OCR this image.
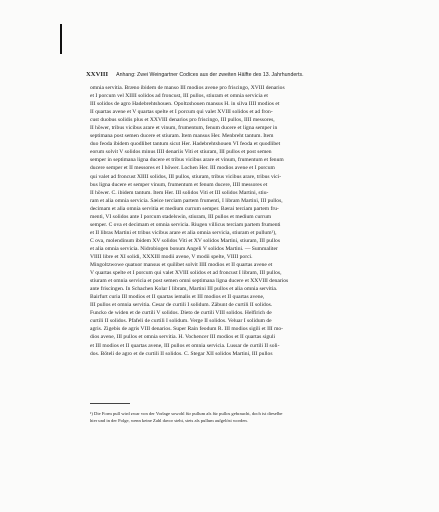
XXVIII Anhang: Zwei Weingartner Codices aus der zweiten Hälfte des 13. Jahrhunderts.
omnia servitia. Bræno ibidem de manso III modios avene pro friscingo, XVIII denarios
et I porcum vel XIIII solidos ad froncust, III pullos, stiuram et omnia servicia et
III solidos de agro Hadebrehtshouen. Opoltzshouen mansus H. in silva IIII modios et
II quartas avene et V quartas spelte et I porcum qui valet XVIII solidos et ad fron-
cust duobus solidis plus et XXVIII denarios pro friscingo, III pullos, IIII messores,
II höwer, tribus vicibus arare et vinum, frumentum, fenum ducere et ligna semper in
septimana post semen ducere et stiuram. Item mansus Her. Menbreht tantum. Item
duo feoda ibidem quodlibet tantum sicut Her. Hadebrehtshouen VI feoda et quodlibet
eorum solvit V solidos minus IIII denariis Viti et stiuram, III pullos et post semen
semper in septimana ligna ducere et tribus vicibus arare et vinum, frumentum et fenum
ducere semper et II messores et I höwer. Lochen Her. III modios avene et I porcum
qui valet ad froncust XIIII solidos, III pullos, stiuram, tribus vicibus arare, tribus vici-
bus ligna ducere et semper vinum, frumentum et fenum ducere, IIII messores et
II höwer. C. ibidem tantum. Item Her. III solidos Viti et III solidos Martini, stiu-
ram et alia omnia servicia. Sæice terciam partem frumenti, I libram Martini, III pullos,
decimam et alia omnia servitia et medium currum semper. Bærai terciam partem fru-
menti, VI solidos ante I porcum stadelswin, stiuram, III pullos et medium currum
semper. C ova et decimam et omnia servicia. Riugen villicus terciam partem frumenti
et II libras Martini et tribus vicibus arare et alia omnia servicia, stiuram et pullum¹),
C ova, molendinum ibidem XV solidos Viti et XV solidos Martini, stiuram, III pullos
et alia omnia servicia. Nidrobiogen bonum Angeli V solidos Martini. — Summaliter
VIIII libre et XI solidi, XXXIII modii avene, V modii spelte, VIIII porci.
Mingoltzwowe quatuor mansus et quilibet solvit IIII modios et II quartas avene et
V quartas spelte et I porcum qui valet XVIII solidos et ad froncust I libram, III pullos,
stiuram et omnia servicia et post semen omni septimana ligna ducere et XXVIII denarios
ante friscingen. In Schachen Kolar I libram, Martini III pullos et alia omnia servitia.
Bairfurt curia III modios et II quartas iemalis et III modios et II quartas avene,
III pullos et omnia servitia. Cesar de curtili I solidum. Zäbunt de curtili II solidos.
Funcko de widen et de curtili V solidos. Dieto de curtili VIII solidos. Helfirich de
curtili II solidos. Pfafeli de curtili I solidum. Verge II solidos. Veluar I solidum de
agris. Zigebis de agris VIII denarios. Super Rain feodum R. III modios sigili et III mo-
dios avene, III pullos et omnia servitia. H. Vochencer III modios et II quartas siguli
et III modios et II quartas avene, III pullos et omnia servicia. Lussar de curtili II soli-
dos. Böteli de agro et de curtili II solidos. C. Stegar XII solidos Martini, III pullos
¹) Die Form pull wird zwar von der Vorlage sowohl für pullum als für pullos gebraucht, doch ist dieselbe
hier und in der Folge, wenn keine Zahl davor steht, stets als pullum aufgelöst worden.
